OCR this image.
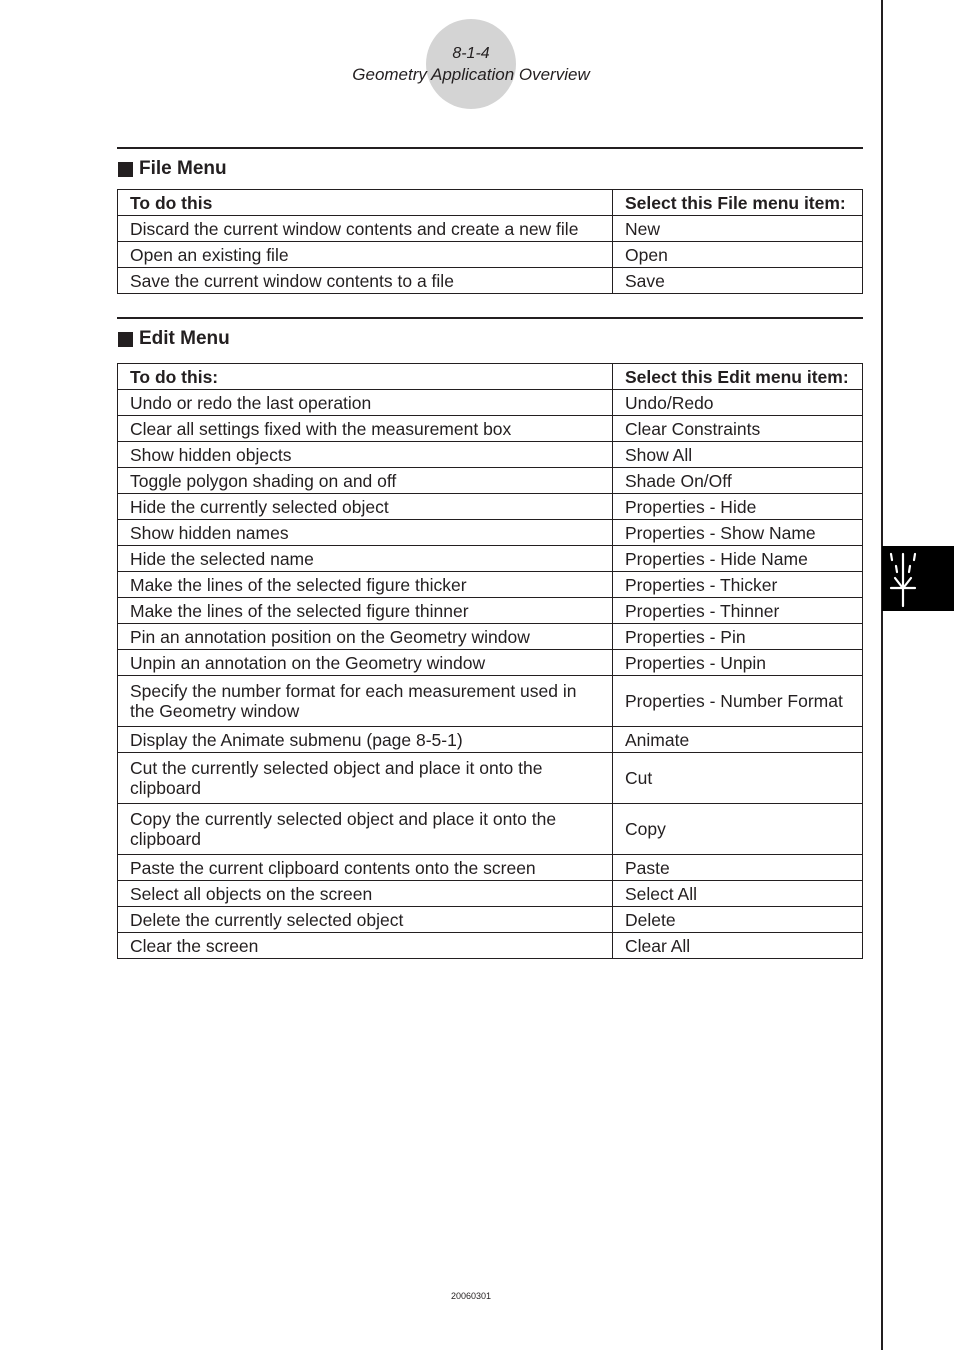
8-1-4
Geometry Application Overview
File Menu
To do this	Select this File menu item:
Discard the current window contents and create a new file	New
Open an existing file	Open
Save the current window contents to a file	Save
Edit Menu
To do this:	Select this Edit menu item:
Undo or redo the last operation	Undo/Redo
Clear all settings fixed with the measurement box	Clear Constraints
Show hidden objects	Show All
Toggle polygon shading on and off	Shade On/Off
Hide the currently selected object	Properties - Hide
Show hidden names	Properties - Show Name
Hide the selected name	Properties - Hide Name
Make the lines of the selected figure thicker	Properties - Thicker
Make the lines of the selected figure thinner	Properties - Thinner
Pin an annotation position on the Geometry window	Properties - Pin
Unpin an annotation on the Geometry window	Properties - Unpin
Specify the number format for each measurement used in the Geometry window	Properties - Number Format
Display the Animate submenu (page 8-5-1)	Animate
Cut the currently selected object and place it onto the clipboard	Cut
Copy the currently selected object and place it onto the clipboard	Copy
Paste the current clipboard contents onto the screen	Paste
Select all objects on the screen	Select All
Delete the currently selected object	Delete
Clear the screen	Clear All
20060301
